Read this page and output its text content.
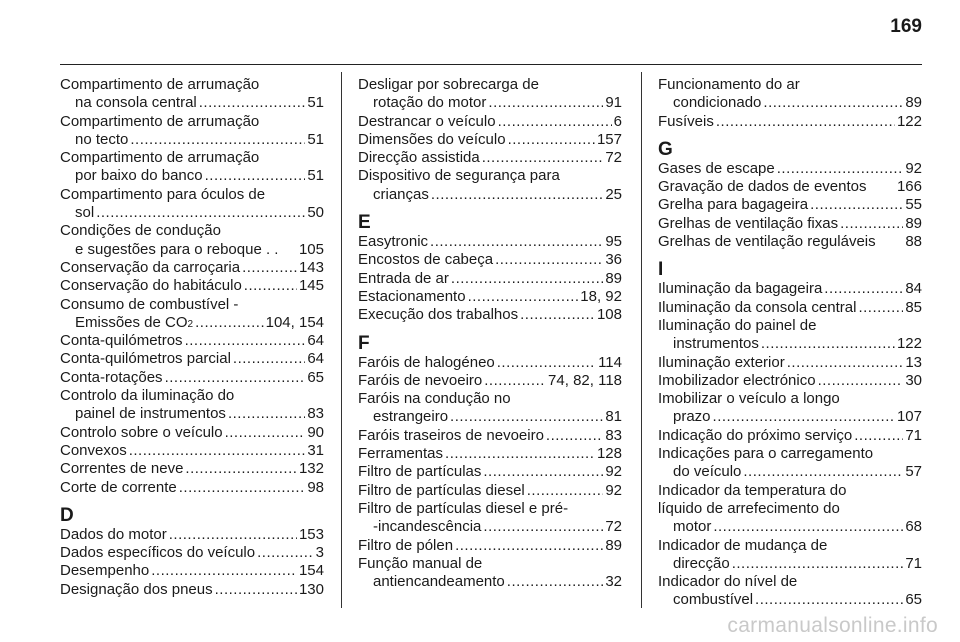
169
Compartimento de arrumação
na consola central .....	51
Compartimento de arrumação
no tecto .....	51
Compartimento de arrumação
por baixo do banco .....	51
Compartimento para óculos de
sol .....	50
Condições de condução
e sugestões para o reboque . . 105
Conservação da carroçaria .....	143
Conservação do habitáculo .....	145
Consumo de combustível -
Emissões de CO 2 .....	104, 154
Conta-quilómetros .....	64
Conta-quilómetros parcial .....	64
Conta-rotações .....	65
Controlo da iluminação do
painel de instrumentos .....	83
Controlo sobre o veículo .....	90
Convexos .....	31
Correntes de neve .....	132
Corte de corrente .....	98
D
Dados do motor .....	153
Dados específicos do veículo .....	3
Desempenho .....	154
Designação dos pneus .....	130
Desligar por sobrecarga de
rotação do motor .....	91
Destrancar o veículo .....	6
Dimensões do veículo .....	157
Direcção assistida .....	72
Dispositivo de segurança para
crianças .....	25
E
Easytronic .....	95
Encostos de cabeça .....	36
Entrada de ar .....	89
Estacionamento .....	18, 92
Execução dos trabalhos .....	108
F
Faróis de halogéneo .....	114
Faróis de nevoeiro .....	74, 82, 118
Faróis na condução no
estrangeiro .....	81
Faróis traseiros de nevoeiro .....	83
Ferramentas .....	128
Filtro de partículas .....	92
Filtro de partículas diesel .....	92
Filtro de partículas diesel e pré-
-incandescência .....	72
Filtro de pólen .....	89
Função manual de
antiencandeamento .....	32
Funcionamento do ar
condicionado .....	89
Fusíveis .....	122
G
Gases de escape .....	92
Gravação de dados de eventos 166
Grelha para bagageira .....	55
Grelhas de ventilação fixas .....	89
Grelhas de ventilação reguláveis 88
I
Iluminação da bagageira .....	84
Iluminação da consola central .....	85
Iluminação do painel de
instrumentos .....	122
Iluminação exterior .....	13
Imobilizador electrónico .....	30
Imobilizar o veículo a longo
prazo .....	107
Indicação do próximo serviço .....	71
Indicações para o carregamento
do veículo .....	57
Indicador da temperatura do
líquido de arrefecimento do
motor .....	68
Indicador de mudança de
direcção .....	71
Indicador do nível de
combustível .....	65
carmanualsonline.info
